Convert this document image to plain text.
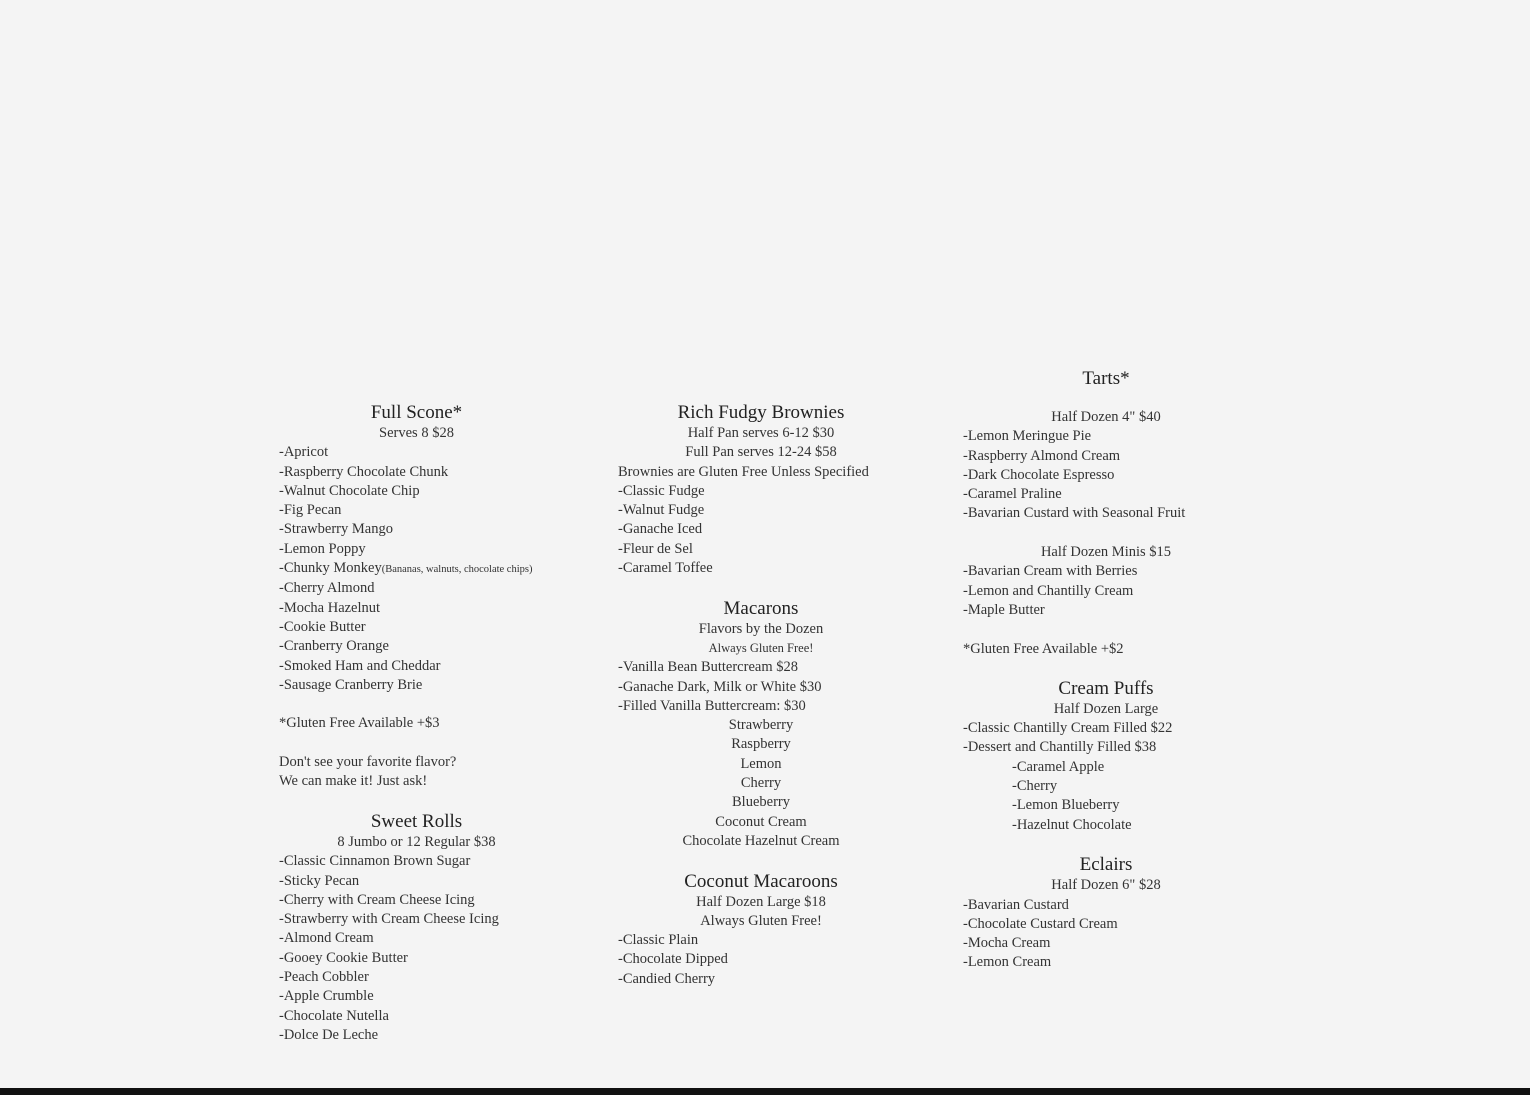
Full Scone*

Serves 8 $28

-Apricot

-Raspberry Chocolate Chunk

-Walnut Chocolate Chip

-Fig Pecan

-Strawberry Mango

-Lemon Poppy

-Chunky Monkey(Bananas, walnuts, chocolate chips)

-Cherry Almond

-Mocha Hazelnut

-Cookie Butter

-Cranberry Orange

-Smoked Ham and Cheddar

-Sausage Cranberry Brie

*Gluten Free Available +$3

Don't see your favorite flavor?

We can make it! Just ask!

Sweet Rolls

8 Jumbo or 12 Regular $38

-Classic Cinnamon Brown Sugar

-Sticky Pecan

-Cherry with Cream Cheese Icing

-Strawberry with Cream Cheese Icing

-Almond Cream

-Gooey Cookie Butter

-Peach Cobbler

-Apple Crumble

-Chocolate Nutella

-Dolce De Leche

Rich Fudgy Brownies

Half Pan serves 6-12 $30

Full Pan serves 12-24 $58

Brownies are Gluten Free Unless Specified

-Classic Fudge

-Walnut Fudge

-Ganache Iced

-Fleur de Sel

-Caramel Toffee

Macarons

Flavors by the Dozen

Always Gluten Free!

-Vanilla Bean Buttercream $28

-Ganache Dark, Milk or White $30

-Filled Vanilla Buttercream: $30

Strawberry

Raspberry

Lemon

Cherry

Blueberry

Coconut Cream

Chocolate Hazelnut Cream

Coconut Macaroons

Half Dozen Large $18

Always Gluten Free!

-Classic Plain

-Chocolate Dipped

-Candied Cherry

Tarts*

Half Dozen 4" $40

-Lemon Meringue Pie

-Raspberry Almond Cream

-Dark Chocolate Espresso

-Caramel Praline

-Bavarian Custard with Seasonal Fruit

Half Dozen Minis $15

-Bavarian Cream with Berries

-Lemon and Chantilly Cream

-Maple Butter

*Gluten Free Available +$2

Cream Puffs

Half Dozen Large

-Classic Chantilly Cream Filled $22

-Dessert and Chantilly Filled $38

-Caramel Apple

-Cherry

-Lemon Blueberry

-Hazelnut Chocolate

Eclairs

Half Dozen 6" $28

-Bavarian Custard

-Chocolate Custard Cream

-Mocha Cream

-Lemon Cream
